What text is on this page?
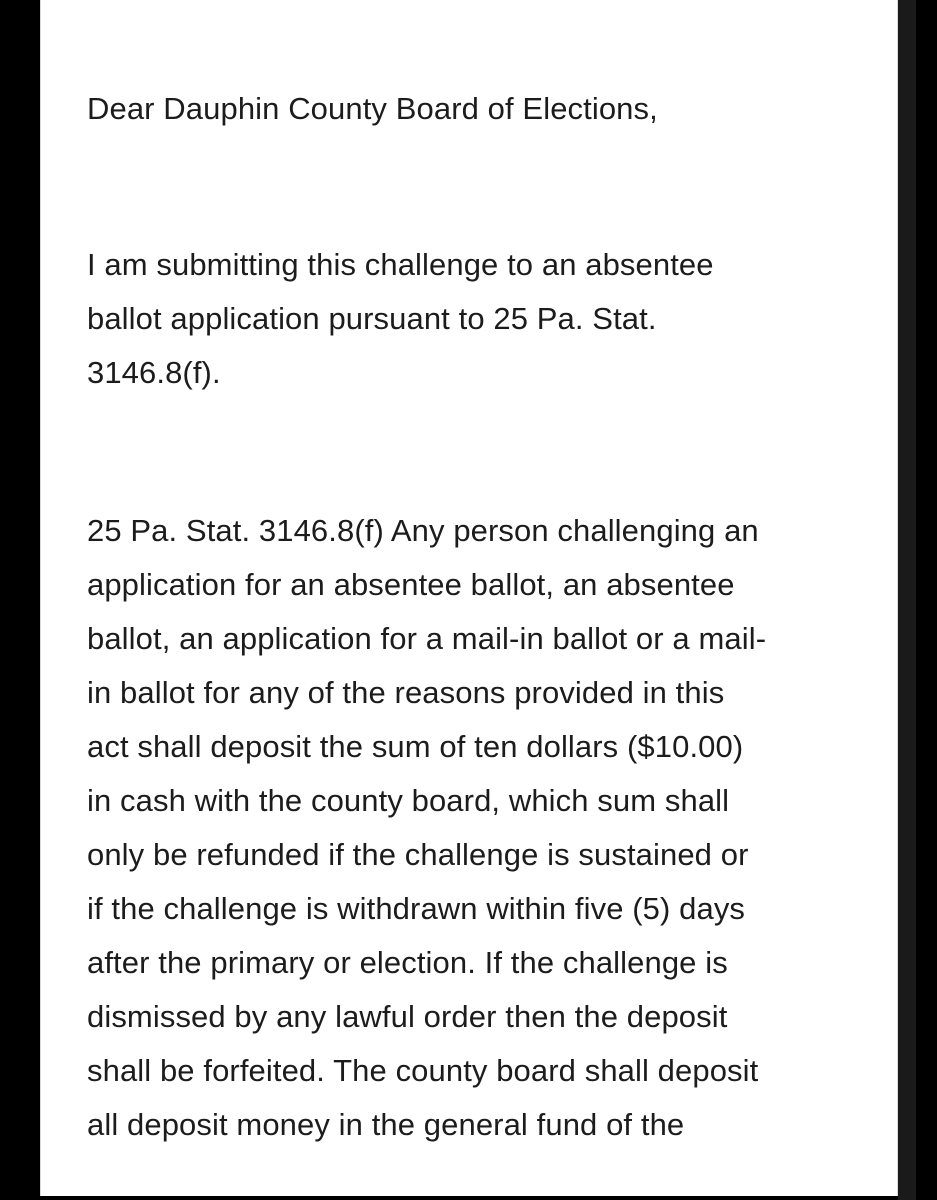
Dear Dauphin County Board of Elections,
I am submitting this challenge to an absentee
ballot application pursuant to 25 Pa. Stat.
3146.8(f).
25 Pa. Stat. 3146.8(f) Any person challenging an
application for an absentee ballot, an absentee
ballot, an application for a mail-in ballot or a mail-
in ballot for any of the reasons provided in this
act shall deposit the sum of ten dollars ($10.00)
in cash with the county board, which sum shall
only be refunded if the challenge is sustained or
if the challenge is withdrawn within five (5) days
after the primary or election. If the challenge is
dismissed by any lawful order then the deposit
shall be forfeited. The county board shall deposit
all deposit money in the general fund of the
